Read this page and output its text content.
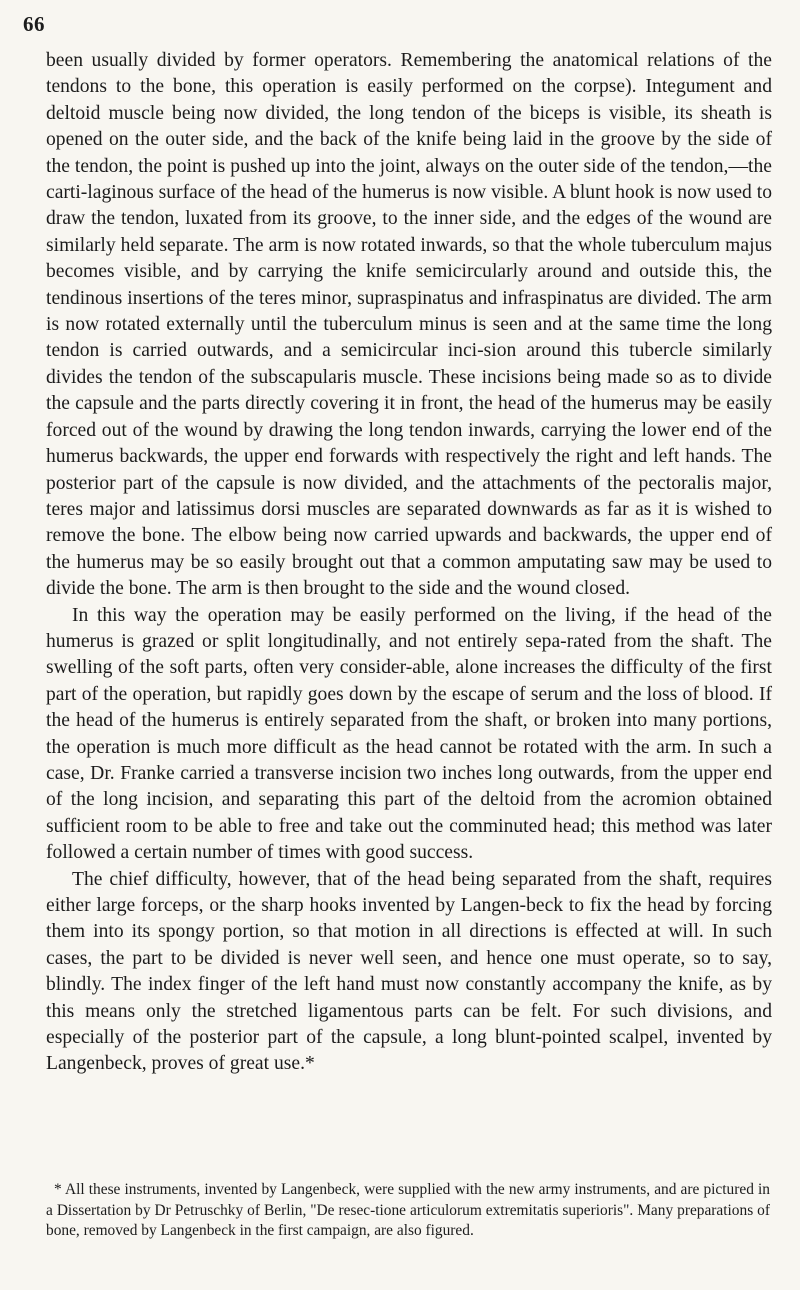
66

been usually divided by former operators. Remembering the anatomical relations of the tendons to the bone, this operation is easily performed on the corpse). Integument and deltoid muscle being now divided, the long tendon of the biceps is visible, its sheath is opened on the outer side, and the back of the knife being laid in the groove by the side of the tendon, the point is pushed up into the joint, always on the outer side of the tendon,—the carti-laginous surface of the head of the humerus is now visible. A blunt hook is now used to draw the tendon, luxated from its groove, to the inner side, and the edges of the wound are similarly held separate. The arm is now rotated inwards, so that the whole tuberculum majus becomes visible, and by carrying the knife semicircularly around and outside this, the tendinous insertions of the teres minor, supraspinatus and infraspinatus are divided. The arm is now rotated externally until the tuberculum minus is seen and at the same time the long tendon is carried outwards, and a semicircular inci-sion around this tubercle similarly divides the tendon of the subscapularis muscle. These incisions being made so as to divide the capsule and the parts directly covering it in front, the head of the humerus may be easily forced out of the wound by drawing the long tendon inwards, carrying the lower end of the humerus backwards, the upper end forwards with respectively the right and left hands. The posterior part of the capsule is now divided, and the attachments of the pectoralis major, teres major and latissimus dorsi muscles are separated downwards as far as it is wished to remove the bone. The elbow being now carried upwards and backwards, the upper end of the humerus may be so easily brought out that a common amputating saw may be used to divide the bone. The arm is then brought to the side and the wound closed.

In this way the operation may be easily performed on the living, if the head of the humerus is grazed or split longitudinally, and not entirely sepa-rated from the shaft. The swelling of the soft parts, often very consider-able, alone increases the difficulty of the first part of the operation, but rapidly goes down by the escape of serum and the loss of blood. If the head of the humerus is entirely separated from the shaft, or broken into many portions, the operation is much more difficult as the head cannot be rotated with the arm. In such a case, Dr. Franke carried a transverse incision two inches long outwards, from the upper end of the long incision, and separating this part of the deltoid from the acromion obtained sufficient room to be able to free and take out the comminuted head; this method was later followed a certain number of times with good success.

The chief difficulty, however, that of the head being separated from the shaft, requires either large forceps, or the sharp hooks invented by Langen-beck to fix the head by forcing them into its spongy portion, so that motion in all directions is effected at will. In such cases, the part to be divided is never well seen, and hence one must operate, so to say, blindly. The index finger of the left hand must now constantly accompany the knife, as by this means only the stretched ligamentous parts can be felt. For such divisions, and especially of the posterior part of the capsule, a long blunt-pointed scalpel, invented by Langenbeck, proves of great use.*

* All these instruments, invented by Langenbeck, were supplied with the new army instruments, and are pictured in a Dissertation by Dr Petruschky of Berlin, "De resec-tione articulorum extremitatis superioris". Many preparations of bone, removed by Langenbeck in the first campaign, are also figured.
